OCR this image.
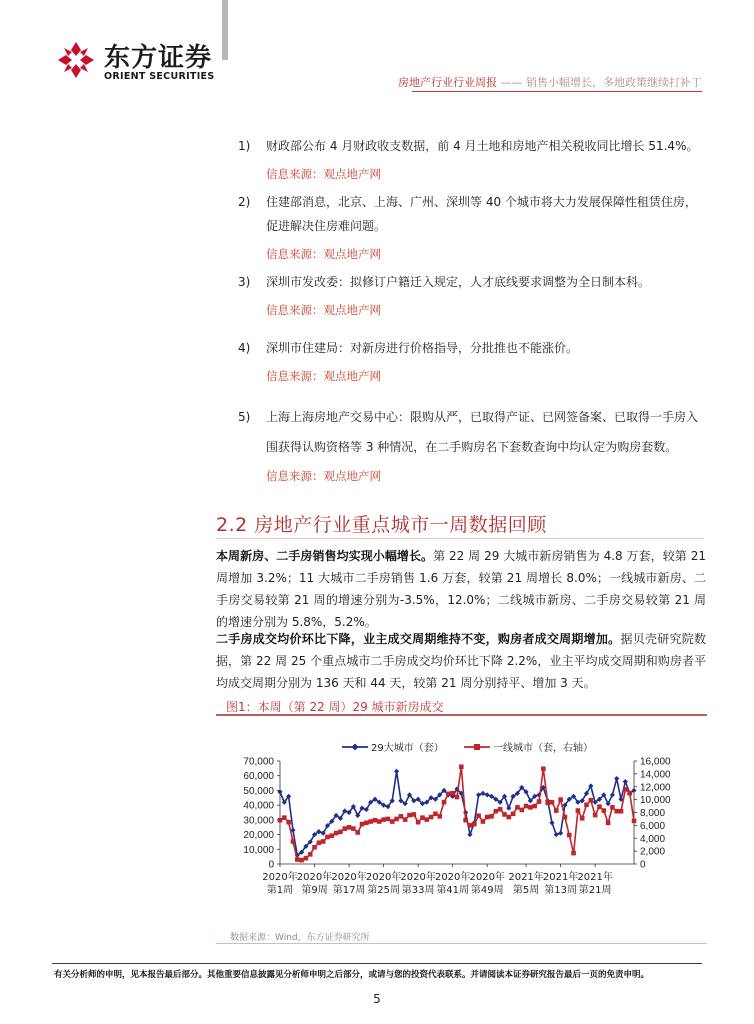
东方证券
ORIENT SECURITIES	房地产行业行业周报 —— 销售小幅增长，多地政策继续打补丁
1) 财政部公布 4 月财政收支数据，前 4 月土地和房地产相关税收同比增长 51.4%。
信息来源：观点地产网
2) 住建部消息，北京、上海、广州、深圳等 40 个城市将大力发展保障性租赁住房，促进解决住房难问题。
信息来源：观点地产网
3) 深圳市发改委：拟修订户籍迁入规定，人才底线要求调整为全日制本科。
信息来源：观点地产网
4) 深圳市住建局：对新房进行价格指导，分批推也不能涨价。
信息来源：观点地产网
5) 上海上海房地产交易中心：限购从严，已取得产证、已网签备案、已取得一手房入围获得认购资格等 3 种情况，在二手购房名下套数查询中均认定为购房套数。
信息来源：观点地产网
2.2 房地产行业重点城市一周数据回顾
本周新房、二手房销售均实现小幅增长。第 22 周 29 大城市新房销售为 4.8 万套，较第 21 周增加 3.2%；11 大城市二手房销售 1.6 万套，较第 21 周增长 8.0%；一线城市新房、二手房交易较第 21 周的增速分别为-3.5%，12.0%；二线城市新房、二手房交易较第 21 周的增速分别为 5.8%，5.2%。
二手房成交均价环比下降，业主成交周期维持不变，购房者成交周期增加。据贝壳研究院数据，第 22 周 25 个重点城市二手房成交均价环比下降 2.2%，业主平均成交周期和购房者平均成交周期分别为 136 天和 44 天，较第 21 周分别持平、增加 3 天。
图1：本周（第 22 周）29 城市新房成交
29大城市（套）	一线城市（套，右轴）
0
10,000
20,000
30,000
40,000
50,000
60,000
70,000
0
2,000
4,000
6,000
8,000
10,000
12,000
14,000
16,000
2020年
第1周
2020年
第9周
2020年
第17周
2020年
第25周
2020年
第33周
2020年
第41周
2020年
第49周
2021年
第5周
2021年
第13周
2021年
第21周
数据来源：Wind，东方证券研究所
有关分析师的申明，见本报告最后部分。其他重要信息披露见分析师申明之后部分，或请与您的投资代表联系。并请阅读本证券研究报告最后一页的免责申明。
5
